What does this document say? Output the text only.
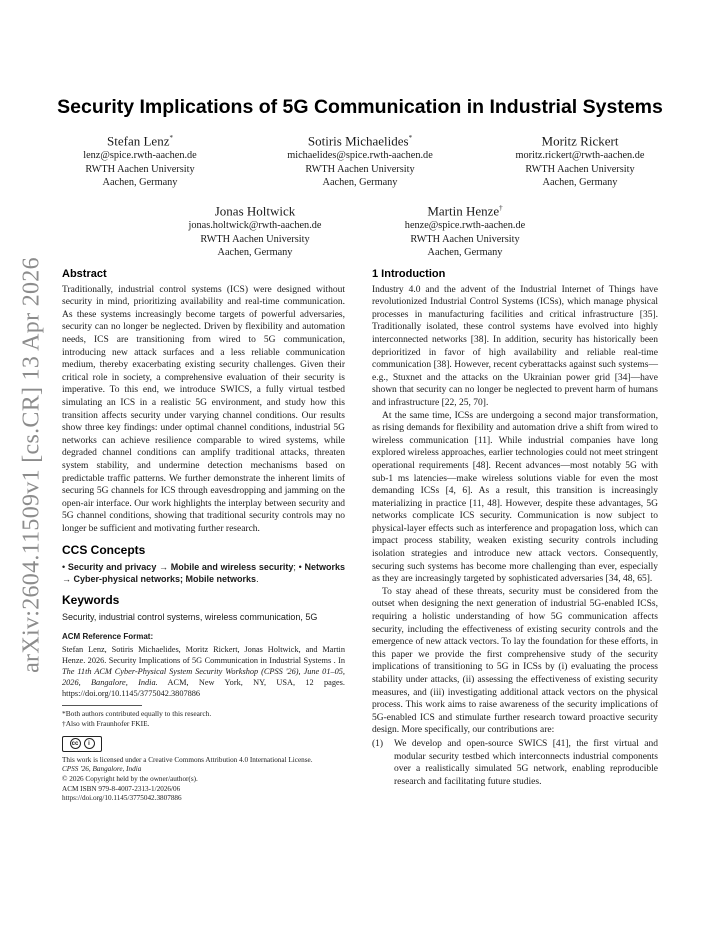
arXiv:2604.11509v1 [cs.CR] 13 Apr 2026
Security Implications of 5G Communication in Industrial Systems
Stefan Lenz*
lenz@spice.rwth-aachen.de
RWTH Aachen University
Aachen, Germany
Sotiris Michaelides*
michaelides@spice.rwth-aachen.de
RWTH Aachen University
Aachen, Germany
Moritz Rickert
moritz.rickert@rwth-aachen.de
RWTH Aachen University
Aachen, Germany
Jonas Holtwick
jonas.holtwick@rwth-aachen.de
RWTH Aachen University
Aachen, Germany
Martin Henze†
henze@spice.rwth-aachen.de
RWTH Aachen University
Aachen, Germany
Abstract

Traditionally, industrial control systems (ICS) were designed without security in mind, prioritizing availability and real-time communication. As these systems increasingly become targets of powerful adversaries, security can no longer be neglected. Driven by flexibility and automation needs, ICS are transitioning from wired to 5G communication, introducing new attack surfaces and a less reliable communication medium, thereby exacerbating existing security challenges. Given their critical role in society, a comprehensive evaluation of their security is imperative. To this end, we introduce SWICS, a fully virtual testbed simulating an ICS in a realistic 5G environment, and study how this transition affects security under varying channel conditions. Our results show three key findings: under optimal channel conditions, industrial 5G networks can achieve resilience comparable to wired systems, while degraded channel conditions can amplify traditional attacks, threaten system stability, and undermine detection mechanisms based on predictable traffic patterns. We further demonstrate the inherent limits of securing 5G channels for ICS through eavesdropping and jamming on the open-air interface. Our work highlights the interplay between security and 5G channel conditions, showing that traditional security controls may no longer be sufficient and motivating further research.

CCS Concepts

• Security and privacy → Mobile and wireless security; • Networks → Cyber-physical networks; Mobile networks.

Keywords

Security, industrial control systems, wireless communication, 5G

ACM Reference Format:

Stefan Lenz, Sotiris Michaelides, Moritz Rickert, Jonas Holtwick, and Martin Henze. 2026. Security Implications of 5G Communication in Industrial Systems . In The 11th ACM Cyber-Physical System Security Workshop (CPSS '26), June 01–05, 2026, Bangalore, India. ACM, New York, NY, USA, 12 pages. https://doi.org/10.1145/3775042.3807886

*Both authors contributed equally to this research.
†Also with Fraunhofer FKIE.
cc	i
This work is licensed under a Creative Commons Attribution 4.0 International License.
CPSS '26, Bangalore, India
© 2026 Copyright held by the owner/author(s).
ACM ISBN 979-8-4007-2313-1/2026/06
https://doi.org/10.1145/3775042.3807886
1 Introduction

Industry 4.0 and the advent of the Industrial Internet of Things have revolutionized Industrial Control Systems (ICSs), which manage physical processes in manufacturing facilities and critical infrastructure [35]. Traditionally isolated, these control systems have evolved into highly interconnected networks [38]. In addition, security has historically been deprioritized in favor of high availability and reliable real-time communication [38]. However, recent cyberattacks against such systems—e.g., Stuxnet and the attacks on the Ukrainian power grid [34]—have shown that security can no longer be neglected to prevent harm of humans and infrastructure [22, 25, 70].

At the same time, ICSs are undergoing a second major transformation, as rising demands for flexibility and automation drive a shift from wired to wireless communication [11]. While industrial companies have long explored wireless approaches, earlier technologies could not meet stringent operational requirements [48]. Recent advances—most notably 5G with sub-1 ms latencies—make wireless solutions viable for even the most demanding ICSs [4, 6]. As a result, this transition is increasingly materializing in practice [11, 48]. However, despite these advantages, 5G networks complicate ICS security. Communication is now subject to physical-layer effects such as interference and propagation loss, which can impact process stability, weaken existing security controls including isolation strategies and introduce new attack vectors. Consequently, securing such systems has become more challenging than ever, especially as they are increasingly targeted by sophisticated adversaries [34, 48, 65].

To stay ahead of these threats, security must be considered from the outset when designing the next generation of industrial 5G-enabled ICSs, requiring a holistic understanding of how 5G communication affects security, including the effectiveness of existing security controls and the emergence of new attack vectors. To lay the foundation for these efforts, in this paper we provide the first comprehensive study of the security implications of transitioning to 5G in ICSs by (i) evaluating the process stability under attacks, (ii) assessing the effectiveness of existing security measures, and (iii) investigating additional attack vectors on the physical process. This work aims to raise awareness of the security implications of 5G-enabled ICS and stimulate further research toward proactive security design. More specifically, our contributions are:

(1)	We develop and open-source SWICS [41], the first virtual and modular security testbed which interconnects industrial components over a realistically simulated 5G network, enabling reproducible research and facilitating future studies.
